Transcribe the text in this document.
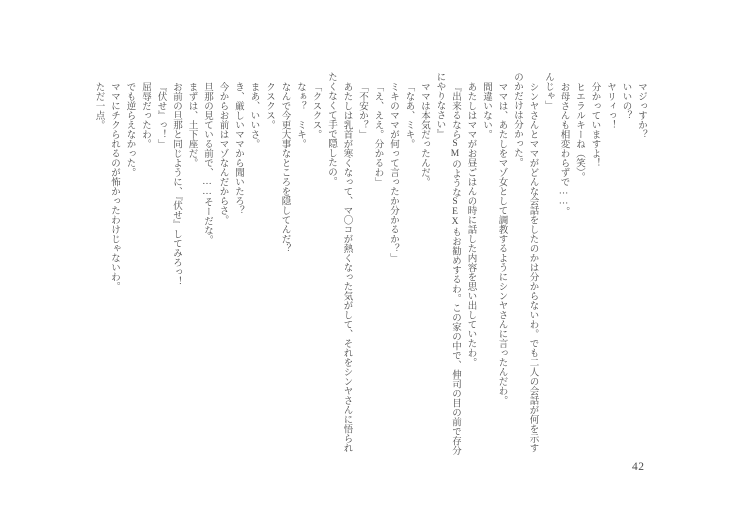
マジっすか？
いいの？
ヤリィっ！
分かっていますよ！
ヒエラルキーね（笑）。
お母さんも相変わらずで……。
んじゃ」
シンヤさんとママがどんな会話をしたのかは分からないわ。でも二人の会話が何を示す
のかだけは分かった。
ママは、あたしをマゾ女として調教するようにシンヤさんに言ったんだわ。
間違いない。
あたしはママがお昼ごはんの時に話した内容を思い出していたわ。
『出来るならSMのようなSEXもお勧めするわ。この家の中で、伸司の目の前で存分
にやりなさい』
ママは本気だったんだ。
「なあ、ミキ。
ミキのママが何って言ったか分かるか？」
「え、ええ。分かるわ」
「不安か？」
あたしは乳首が寒くなって、マ〇コが熱くなった気がして、それをシンヤさんに悟られ
たくなくて手で隠したの。
「クスクス。
なぁ？　ミキ。
なんで今更大事なところを隠してんだ？
クスクス。
まあ、いいさ。
き、厳しいママから聞いたろ？
今からお前はマゾなんだからさ。
旦那の見ている前で、……そーだな。
まずは、土下座だ。
お前の旦那と同じように、『伏せ』してみろっ！
『伏せ』っ！」
屈辱だったわ。
でも逆らえなかった。
ママにチクられるのが怖かったわけじゃないわ。
ただ一点。
42
